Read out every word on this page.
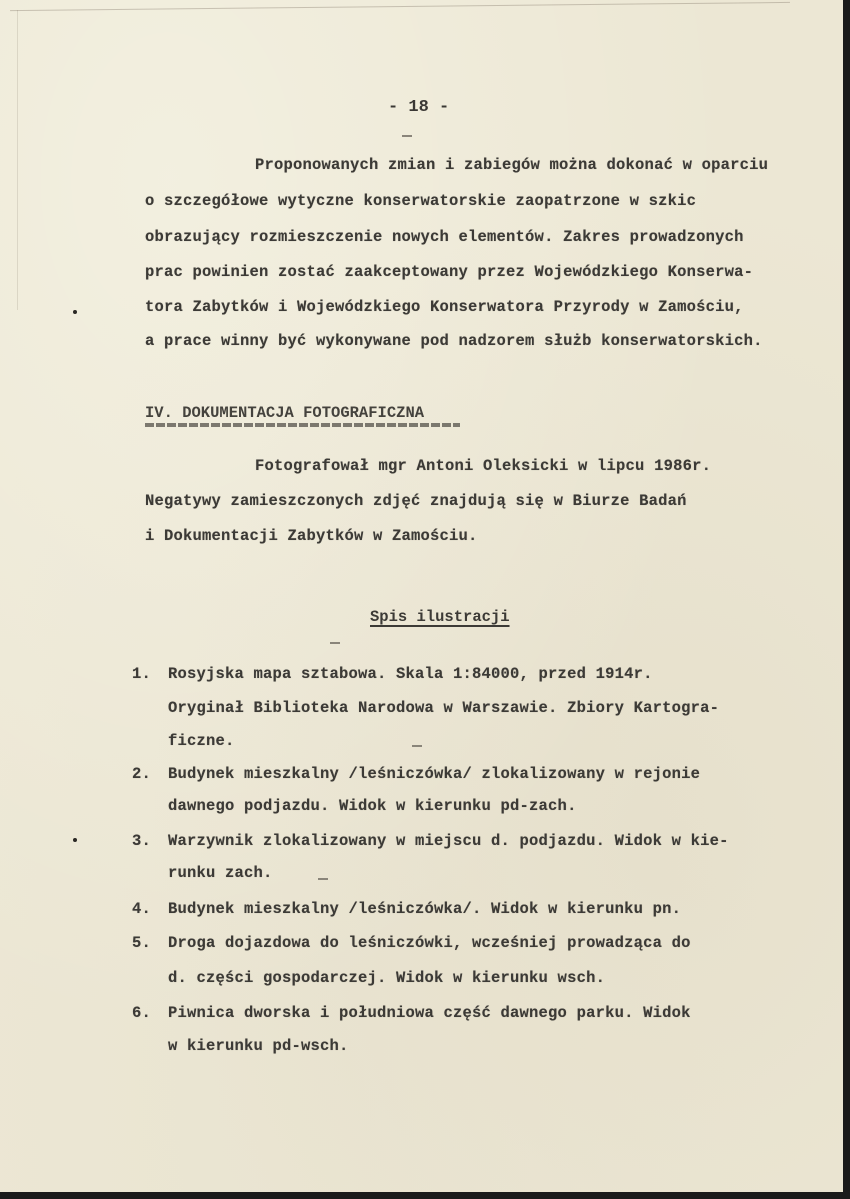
- 18 -
Proponowanych zmian i zabiegów można dokonać w oparciu
o szczegółowe wytyczne konserwatorskie zaopatrzone w szkic
obrazujący rozmieszczenie nowych elementów. Zakres prowadzonych
prac powinien zostać zaakceptowany przez Wojewódzkiego Konserwa-
tora Zabytków i Wojewódzkiego Konserwatora Przyrody w Zamościu,
a prace winny być wykonywane pod nadzorem służb konserwatorskich.
IV. DOKUMENTACJA FOTOGRAFICZNA
Fotografował mgr Antoni Oleksicki w lipcu 1986r.
Negatywy zamieszczonych zdjęć znajdują się w Biurze Badań
i Dokumentacji Zabytków w Zamościu.
Spis ilustracji
1. Rosyjska mapa sztabowa. Skala 1:84000, przed 1914r.
Oryginał Biblioteka Narodowa w Warszawie. Zbiory Kartogra-
ficzne.
2. Budynek mieszkalny /leśniczówka/ zlokalizowany w rejonie
dawnego podjazdu. Widok w kierunku pd-zach.
3. Warzywnik zlokalizowany w miejscu d. podjazdu. Widok w kie-
runku zach.
4. Budynek mieszkalny /leśniczówka/. Widok w kierunku pn.
5. Droga dojazdowa do leśniczówki, wcześniej prowadząca do
d. części gospodarczej. Widok w kierunku wsch.
6. Piwnica dworska i południowa część dawnego parku. Widok
w kierunku pd-wsch.
